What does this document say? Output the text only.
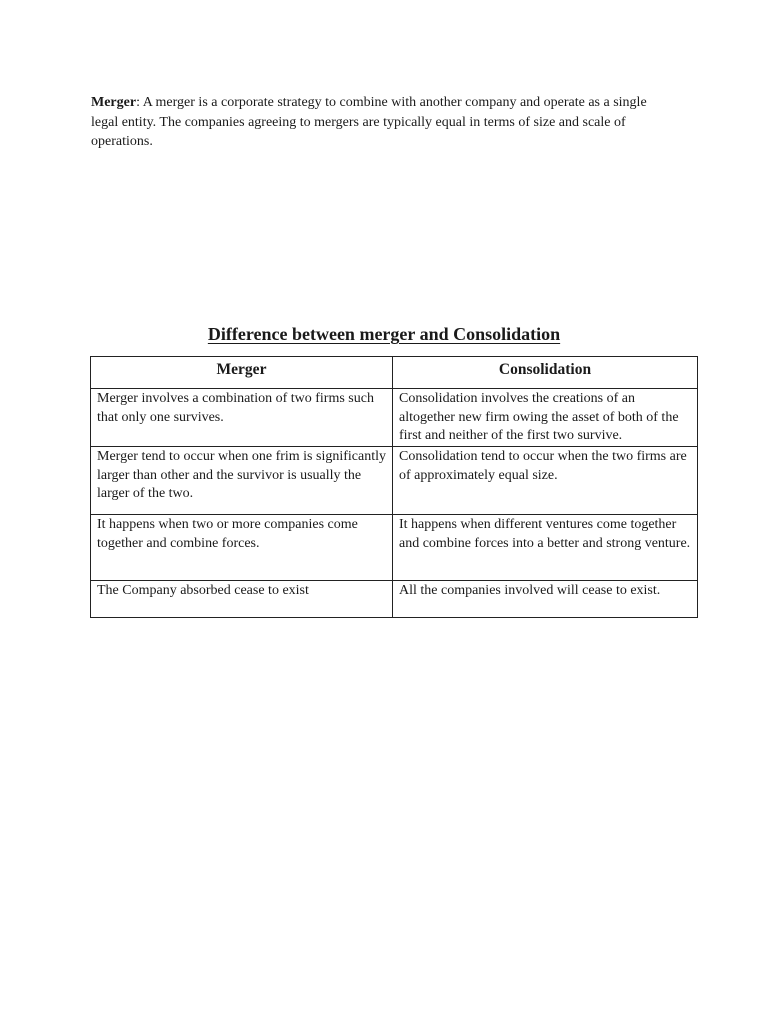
Merger: A merger is a corporate strategy to combine with another company and operate as a single legal entity. The companies agreeing to mergers are typically equal in terms of size and scale of operations.
Difference between merger and Consolidation
Merger	Consolidation
Merger involves a combination of two firms such that only one survives.	Consolidation involves the creations of an altogether new firm owing the asset of both of the first and neither of the first two survive.
Merger tend to occur when one frim is significantly larger than other and the survivor is usually the larger of the two.	Consolidation tend to occur when the two firms are of approximately equal size.
It happens when two or more companies come together and combine forces.	It happens when different ventures come together and combine forces into a better and strong venture.
The Company absorbed cease to exist	All the companies involved will cease to exist.
